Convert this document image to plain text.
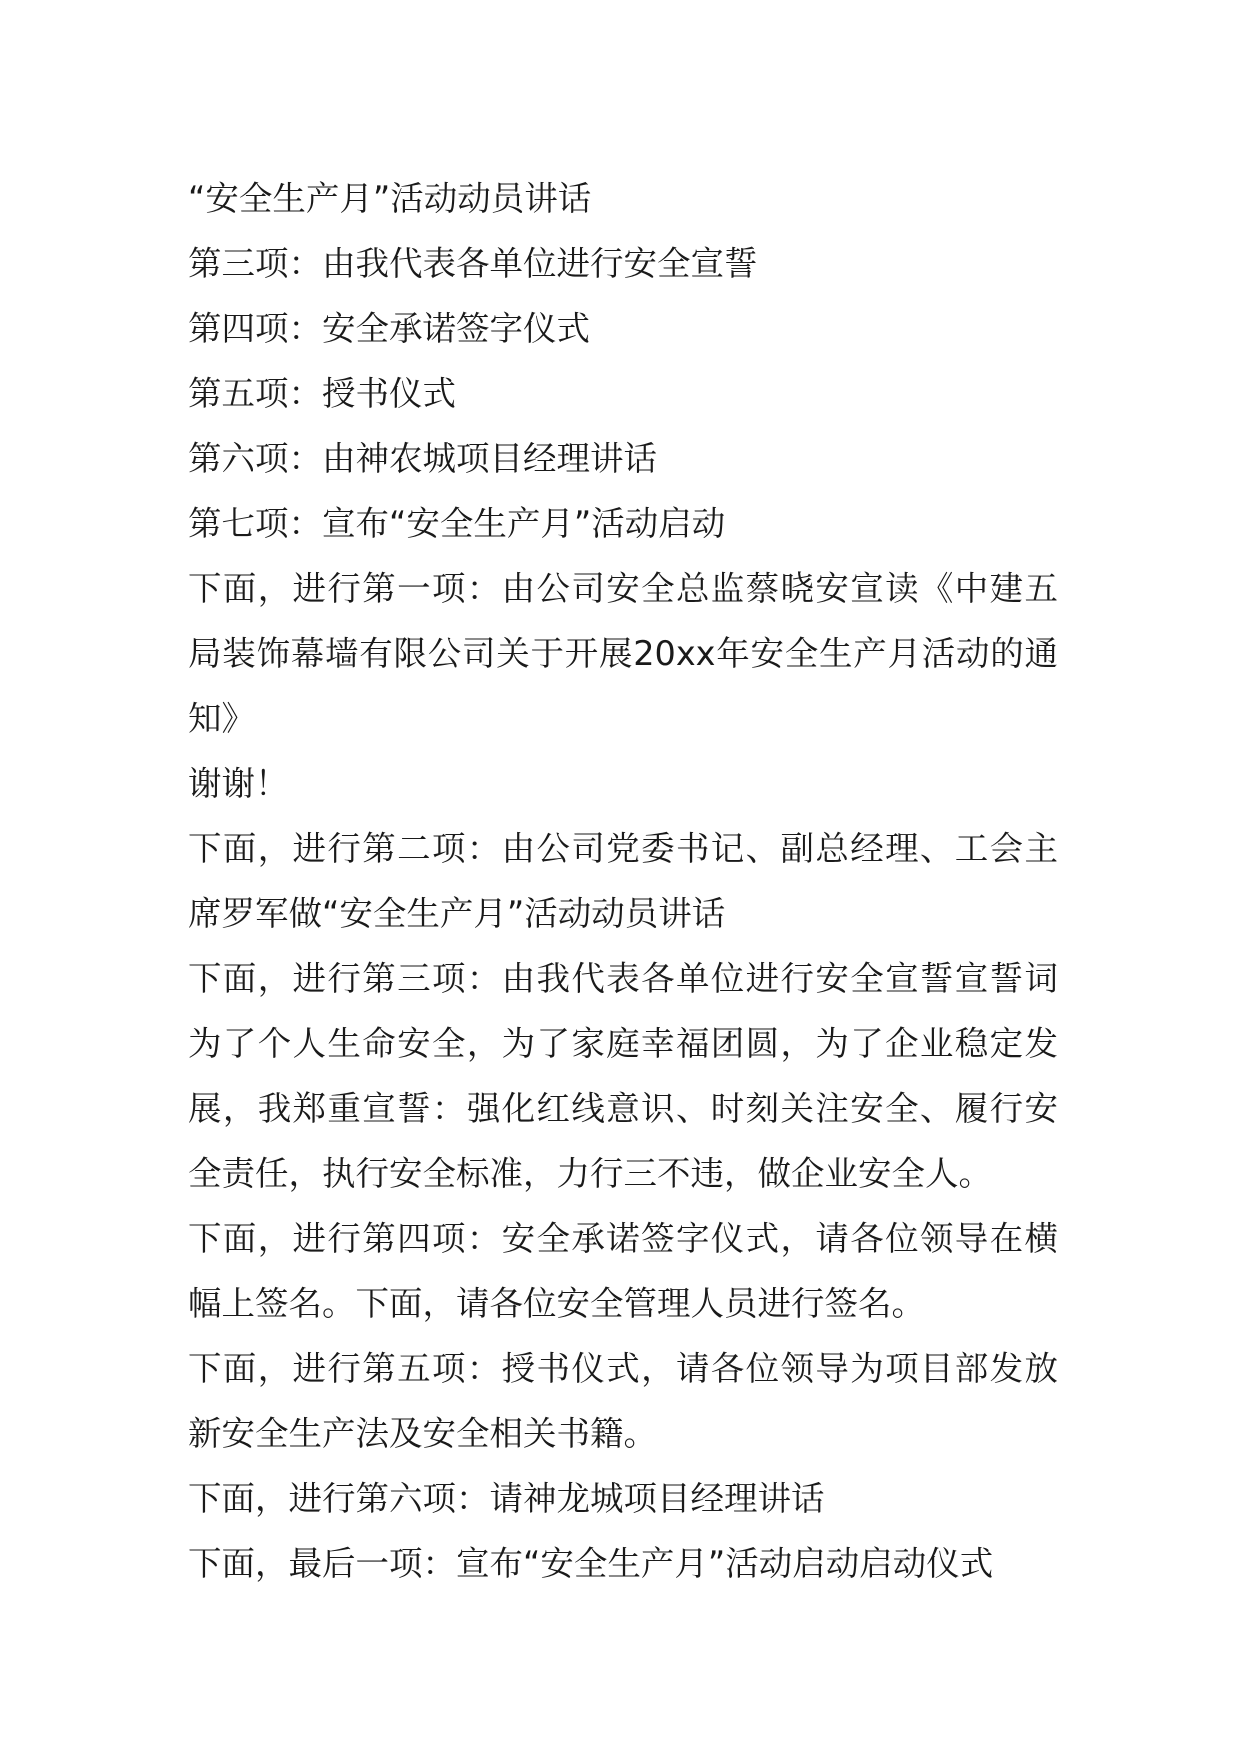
“安全生产月”活动动员讲话

第三项：由我代表各单位进行安全宣誓

第四项：安全承诺签字仪式

第五项：授书仪式

第六项：由神农城项目经理讲话

第七项：宣布“安全生产月”活动启动

下面，进行第一项：由公司安全总监蔡晓安宣读《中建五局装饰幕墙有限公司关于开展20xx年安全生产月活动的通知》

谢谢！

下面，进行第二项：由公司党委书记、副总经理、工会主席罗军做“安全生产月”活动动员讲话

下面，进行第三项：由我代表各单位进行安全宣誓宣誓词为了个人生命安全，为了家庭幸福团圆，为了企业稳定发展，我郑重宣誓：强化红线意识、时刻关注安全、履行安全责任，执行安全标准，力行三不违，做企业安全人。

下面，进行第四项：安全承诺签字仪式，请各位领导在横幅上签名。下面，请各位安全管理人员进行签名。

下面，进行第五项：授书仪式，请各位领导为项目部发放新安全生产法及安全相关书籍。

下面，进行第六项：请神龙城项目经理讲话

下面，最后一项：宣布“安全生产月”活动启动启动仪式
